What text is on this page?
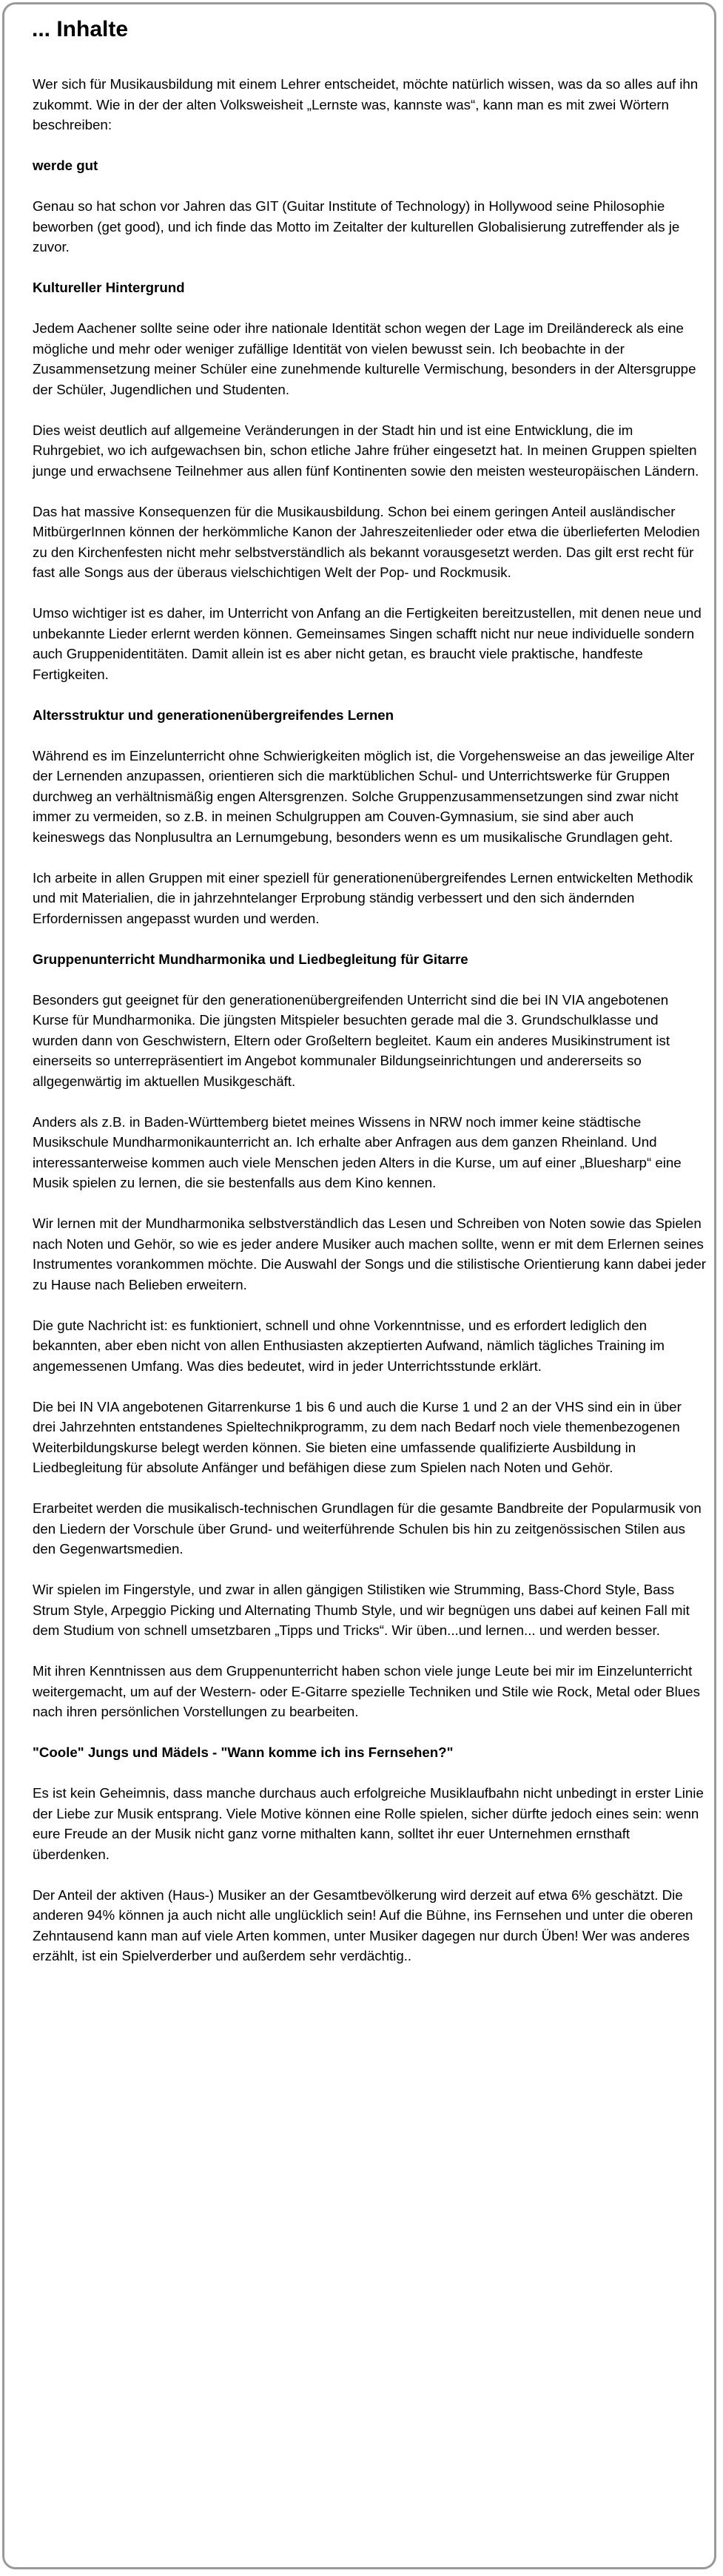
... Inhalte

Wer sich für Musikausbildung mit einem Lehrer entscheidet, möchte natürlich wissen, was da so alles auf ihn zukommt. Wie in der der alten Volksweisheit „Lernste was, kannste was“, kann man es mit zwei Wörtern beschreiben:

werde gut

Genau so hat schon vor Jahren das GIT (Guitar Institute of Technology) in Hollywood seine Philosophie beworben (get good), und ich finde das Motto im Zeitalter der kulturellen Globalisierung zutreffender als je zuvor.

Kultureller Hintergrund

Jedem Aachener sollte seine oder ihre nationale Identität schon wegen der Lage im Dreiländereck als eine mögliche und mehr oder weniger zufällige Identität von vielen bewusst sein. Ich beobachte in der Zusammensetzung meiner Schüler eine zunehmende kulturelle Vermischung, besonders in der Altersgruppe der Schüler, Jugendlichen und Studenten.

Dies weist deutlich auf allgemeine Veränderungen in der Stadt hin und ist eine Entwicklung, die im Ruhrgebiet, wo ich aufgewachsen bin, schon etliche Jahre früher eingesetzt hat. In meinen Gruppen spielten junge und erwachsene Teilnehmer aus allen fünf Kontinenten sowie den meisten westeuropäischen Ländern.

Das hat massive Konsequenzen für die Musikausbildung. Schon bei einem geringen Anteil ausländischer MitbürgerInnen können der herkömmliche Kanon der Jahreszeitenlieder oder etwa die überlieferten Melodien zu den Kirchenfesten nicht mehr selbstverständlich als bekannt vorausgesetzt werden. Das gilt erst recht für fast alle Songs aus der überaus vielschichtigen Welt der Pop- und Rockmusik.

Umso wichtiger ist es daher, im Unterricht von Anfang an die Fertigkeiten bereitzustellen, mit denen neue und unbekannte Lieder erlernt werden können. Gemeinsames Singen schafft nicht nur neue individuelle sondern auch Gruppenidentitäten. Damit allein ist es aber nicht getan, es braucht viele praktische, handfeste Fertigkeiten.

Altersstruktur und generationenübergreifendes Lernen

Während es im Einzelunterricht ohne Schwierigkeiten möglich ist, die Vorgehensweise an das jeweilige Alter der Lernenden anzupassen, orientieren sich die marktüblichen Schul- und Unterrichtswerke für Gruppen durchweg an verhältnismäßig engen Altersgrenzen. Solche Gruppenzusammensetzungen sind zwar nicht immer zu vermeiden, so z.B. in meinen Schulgruppen am Couven-Gymnasium, sie sind aber auch keineswegs das Nonplusultra an Lernumgebung, besonders wenn es um musikalische Grundlagen geht.

Ich arbeite in allen Gruppen mit einer speziell für generationenübergreifendes Lernen entwickelten Methodik und mit Materialien, die in jahrzehntelanger Erprobung ständig verbessert und den sich ändernden Erfordernissen angepasst wurden und werden.

Gruppenunterricht Mundharmonika und Liedbegleitung für Gitarre

Besonders gut geeignet für den generationenübergreifenden Unterricht sind die bei IN VIA angebotenen Kurse für Mundharmonika. Die jüngsten Mitspieler besuchten gerade mal die 3. Grundschulklasse und wurden dann von Geschwistern, Eltern oder Großeltern begleitet. Kaum ein anderes Musikinstrument ist einerseits so unterrepräsentiert im Angebot kommunaler Bildungseinrichtungen und andererseits so allgegenwärtig im aktuellen Musikgeschäft.

Anders als z.B. in Baden-Württemberg bietet meines Wissens in NRW noch immer keine städtische Musikschule Mundharmonikaunterricht an. Ich erhalte aber Anfragen aus dem ganzen Rheinland. Und interessanterweise kommen auch viele Menschen jeden Alters in die Kurse, um auf einer „Bluesharp“ eine Musik spielen zu lernen, die sie bestenfalls aus dem Kino kennen.

Wir lernen mit der Mundharmonika selbstverständlich das Lesen und Schreiben von Noten sowie das Spielen nach Noten und Gehör, so wie es jeder andere Musiker auch machen sollte, wenn er mit dem Erlernen seines Instrumentes vorankommen möchte. Die Auswahl der Songs und die stilistische Orientierung kann dabei jeder zu Hause nach Belieben erweitern.

Die gute Nachricht ist: es funktioniert, schnell und ohne Vorkenntnisse, und es erfordert lediglich den bekannten, aber eben nicht von allen Enthusiasten akzeptierten Aufwand, nämlich tägliches Training im angemessenen Umfang. Was dies bedeutet, wird in jeder Unterrichtsstunde erklärt.

Die bei IN VIA angebotenen Gitarrenkurse 1 bis 6 und auch die Kurse 1 und 2 an der VHS sind ein in über drei Jahrzehnten entstandenes Spieltechnikprogramm, zu dem nach Bedarf noch viele themenbezogenen Weiterbildungskurse belegt werden können. Sie bieten eine umfassende qualifizierte Ausbildung in Liedbegleitung für absolute Anfänger und befähigen diese zum Spielen nach Noten und Gehör.

Erarbeitet werden die musikalisch-technischen Grundlagen für die gesamte Bandbreite der Popularmusik von den Liedern der Vorschule über Grund- und weiterführende Schulen bis hin zu zeitgenössischen Stilen aus den Gegenwartsmedien.

Wir spielen im Fingerstyle, und zwar in allen gängigen Stilistiken wie Strumming, Bass-Chord Style, Bass Strum Style, Arpeggio Picking und Alternating Thumb Style, und wir begnügen uns dabei auf keinen Fall mit dem Studium von schnell umsetzbaren „Tipps und Tricks“. Wir üben...und lernen... und werden besser.

Mit ihren Kenntnissen aus dem Gruppenunterricht haben schon viele junge Leute bei mir im Einzelunterricht weitergemacht, um auf der Western- oder E-Gitarre spezielle Techniken und Stile wie Rock, Metal oder Blues nach ihren persönlichen Vorstellungen zu bearbeiten.

"Coole" Jungs und Mädels - "Wann komme ich ins Fernsehen?"

Es ist kein Geheimnis, dass manche durchaus auch erfolgreiche Musiklaufbahn nicht unbedingt in erster Linie der Liebe zur Musik entsprang. Viele Motive können eine Rolle spielen, sicher dürfte jedoch eines sein: wenn eure Freude an der Musik nicht ganz vorne mithalten kann, solltet ihr euer Unternehmen ernsthaft überdenken.

Der Anteil der aktiven (Haus-) Musiker an der Gesamtbevölkerung wird derzeit auf etwa 6% geschätzt. Die anderen 94% können ja auch nicht alle unglücklich sein! Auf die Bühne, ins Fernsehen und unter die oberen Zehntausend kann man auf viele Arten kommen, unter Musiker dagegen nur durch Üben! Wer was anderes erzählt, ist ein Spielverderber und außerdem sehr verdächtig..
